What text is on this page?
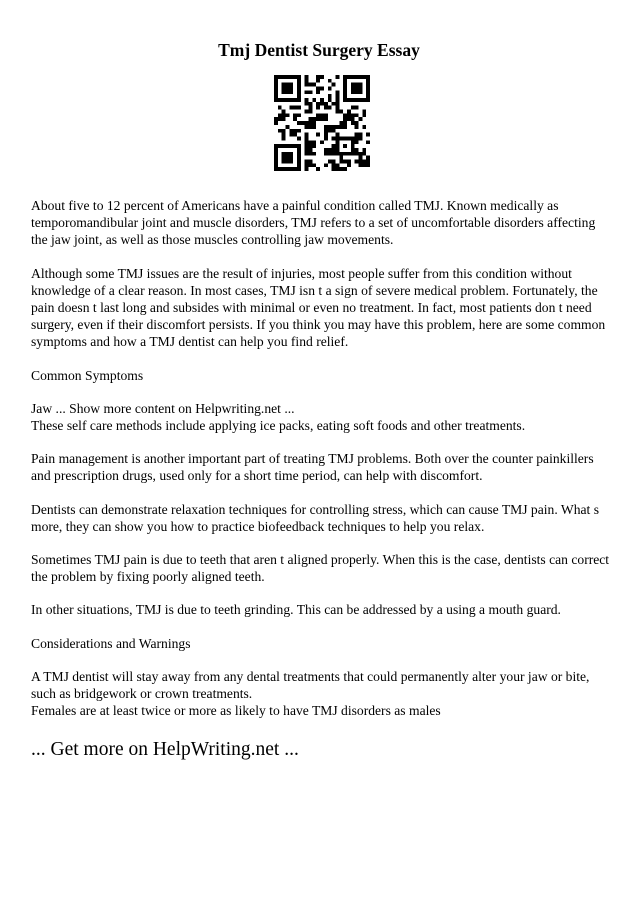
Tmj Dentist Surgery Essay

About five to 12 percent of Americans have a painful condition called TMJ. Known medically as temporomandibular joint and muscle disorders, TMJ refers to a set of uncomfortable disorders affecting the jaw joint, as well as those muscles controlling jaw movements.

Although some TMJ issues are the result of injuries, most people suffer from this condition without knowledge of a clear reason. In most cases, TMJ isn t a sign of severe medical problem. Fortunately, the pain doesn t last long and subsides with minimal or even no treatment. In fact, most patients don t need surgery, even if their discomfort persists. If you think you may have this problem, here are some common symptoms and how a TMJ dentist can help you find relief.

Common Symptoms

Jaw ... Show more content on Helpwriting.net ...

These self care methods include applying ice packs, eating soft foods and other treatments.

Pain management is another important part of treating TMJ problems. Both over the counter painkillers and prescription drugs, used only for a short time period, can help with discomfort.

Dentists can demonstrate relaxation techniques for controlling stress, which can cause TMJ pain. What s more, they can show you how to practice biofeedback techniques to help you relax.

Sometimes TMJ pain is due to teeth that aren t aligned properly. When this is the case, dentists can correct the problem by fixing poorly aligned teeth.

In other situations, TMJ is due to teeth grinding. This can be addressed by a using a mouth guard.

Considerations and Warnings

A TMJ dentist will stay away from any dental treatments that could permanently alter your jaw or bite, such as bridgework or crown treatments.

Females are at least twice or more as likely to have TMJ disorders as males

... Get more on HelpWriting.net ...
